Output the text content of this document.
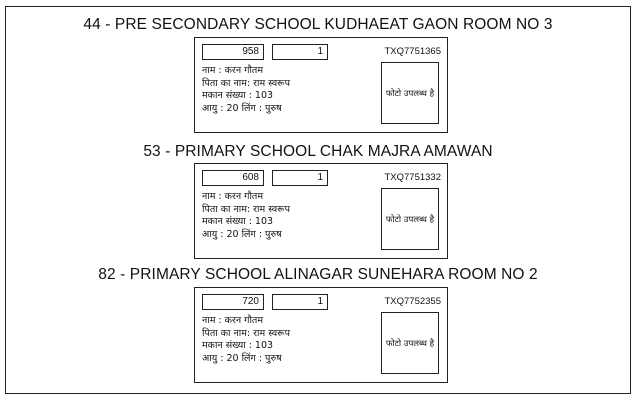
44 - PRE SECONDARY SCHOOL KUDHAEAT GAON ROOM NO 3
958	1	TXQ7751365
नाम : करन गौतम
पिता का नाम: राम स्वरूप
मकान संख्या : 103
आयु : 20 लिंग : पुरुष
फोटो उपलब्ध है
53 - PRIMARY SCHOOL CHAK MAJRA AMAWAN
608	1	TXQ7751332
नाम : करन गौतम
पिता का नाम: राम स्वरूप
मकान संख्या : 103
आयु : 20 लिंग : पुरुष
फोटो उपलब्ध है
82 - PRIMARY SCHOOL ALINAGAR SUNEHARA ROOM NO 2
720	1	TXQ7752355
नाम : करन गौतम
पिता का नाम: राम स्वरूप
मकान संख्या : 103
आयु : 20 लिंग : पुरुष
फोटो उपलब्ध है
